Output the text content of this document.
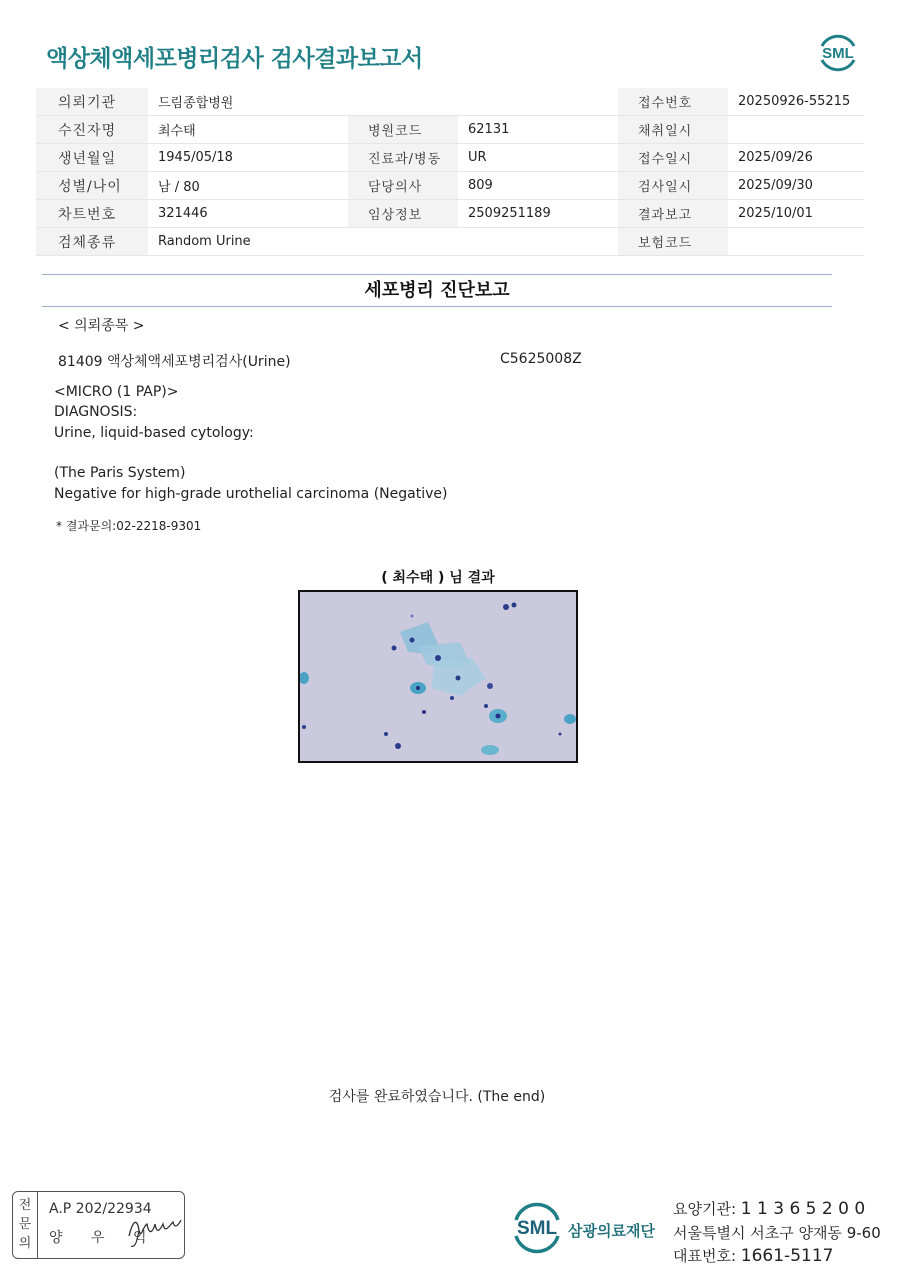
액상체액세포병리검사 검사결과보고서	SML
의뢰기관	드림종합병원			접수번호	20250926-55215
수진자명	최수태	병원코드	62131	채취일시	
생년월일	1945/05/18	진료과/병동	UR	접수일시	2025/09/26
성별/나이	남 / 80	담당의사	809	검사일시	2025/09/30
차트번호	321446	임상정보	2509251189	결과보고	2025/10/01
검체종류	Random Urine			보험코드	
세포병리 진단보고
< 의뢰종목 >
81409 액상체액세포병리검사(Urine)	C5625008Z
<MICRO (1 PAP)>
DIAGNOSIS:
Urine, liquid-based cytology:
(The Paris System)
Negative for high-grade urothelial carcinoma (Negative)
* 결과문의:02-2218-9301
( 최수태 ) 님 결과
검사를 완료하였습니다. (The end)
전
문
의
A.P 202/22934
양 우 익	SML 삼광의료재단
요양기관: 1 1 3 6 5 2 0 0
서울특별시 서초구 양재동 9-60
대표번호: 1661-5117
